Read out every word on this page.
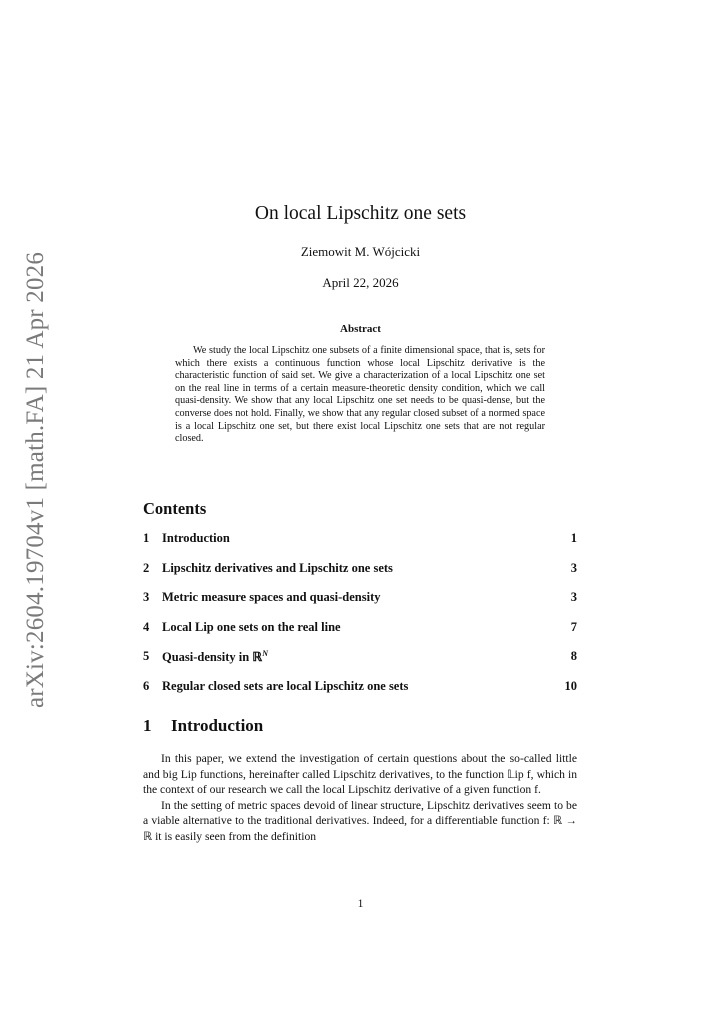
arXiv:2604.19704v1 [math.FA] 21 Apr 2026
On local Lipschitz one sets
Ziemowit M. Wójcicki
April 22, 2026
Abstract
We study the local Lipschitz one subsets of a finite dimensional space, that is, sets for which there exists a continuous function whose local Lipschitz derivative is the characteristic function of said set. We give a characterization of a local Lipschitz one set on the real line in terms of a certain measure-theoretic density condition, which we call quasi-density. We show that any local Lipschitz one set needs to be quasi-dense, but the converse does not hold. Finally, we show that any regular closed subset of a normed space is a local Lipschitz one set, but there exist local Lipschitz one sets that are not regular closed.
Contents
1 Introduction	1
2 Lipschitz derivatives and Lipschitz one sets	3
3 Metric measure spaces and quasi-density	3
4 Local Lip one sets on the real line	7
5 Quasi-density in ℝ$^N$	8
6 Regular closed sets are local Lipschitz one sets	10
1 Introduction

In this paper, we extend the investigation of certain questions about the so-called little and big Lip functions, hereinafter called Lipschitz derivatives, to the function 𝕃ip f, which in the context of our research we call the local Lipschitz derivative of a given function f.

In the setting of metric spaces devoid of linear structure, Lipschitz derivatives seem to be a viable alternative to the traditional derivatives. Indeed, for a differentiable function f: ℝ → ℝ it is easily seen from the definition

1
